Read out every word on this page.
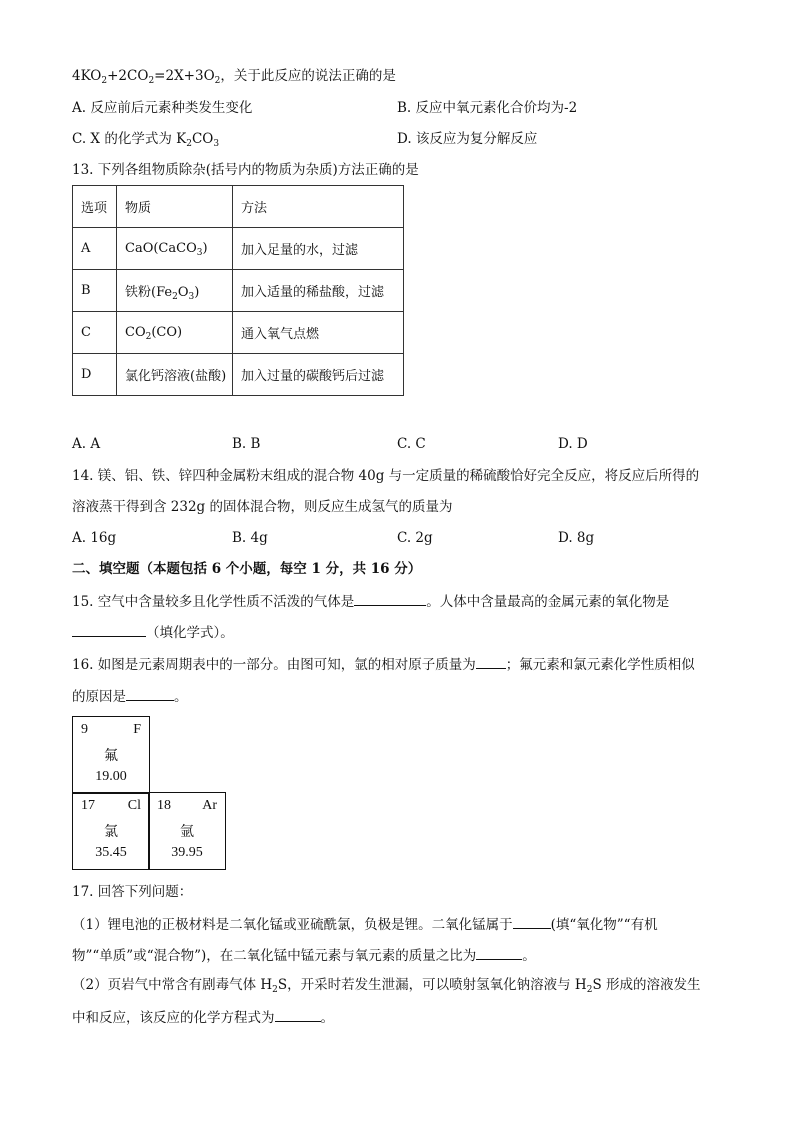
$4KO_2+2CO_2=2X+3O_2$，关于此反应的说法正确的是
A. 反应前后元素种类发生变化	B. 反应中氧元素化合价均为-2
C. X 的化学式为 $K_2CO_3$	D. 该反应为复分解反应
13. 下列各组物质除杂(括号内的物质为杂质)方法正确的是
选项	物质	方法
A	CaO(CaCO$_3$)	加入足量的水，过滤
B	铁粉$(Fe_2O_3)$	加入适量的稀盐酸，过滤
C	$CO_2(CO)$	通入氧气点燃
D	氯化钙溶液(盐酸)	加入过量的碳酸钙后过滤
A. A	B. B	C. C	D. D
14. 镁、铝、铁、锌四种金属粉末组成的混合物 40g 与一定质量的稀硫酸恰好完全反应，将反应后所得的
溶液蒸干得到含 232g 的固体混合物，则反应生成氢气的质量为
A. 16g	B. 4g	C. 2g	D. 8g
二、填空题（本题包括 6 个小题，每空 1 分，共 16 分）
15. 空气中含量较多且化学性质不活泼的气体是	。人体中含量最高的金属元素的氧化物是
（填化学式）。
16. 如图是元素周期表中的一部分。由图可知，氩的相对原子质量为 ；氟元素和氯元素化学性质相似
的原因是	。
9	F
氟
19.00
17 Cl
氯
35.45
18 Ar
氩
39.95
17. 回答下列问题：
（1）锂电池的正极材料是二氧化锰或亚硫酰氯，负极是锂。二氧化锰属于	(填“氧化物”“有机
物”“单质”或“混合物”)，在二氧化锰中锰元素与氧元素的质量之比为	。
（2）页岩气中常含有剧毒气体 $H_2S$，开采时若发生泄漏，可以喷射氢氧化钠溶液与 $H_2S$ 形成的溶液发生
中和反应，该反应的化学方程式为	。
